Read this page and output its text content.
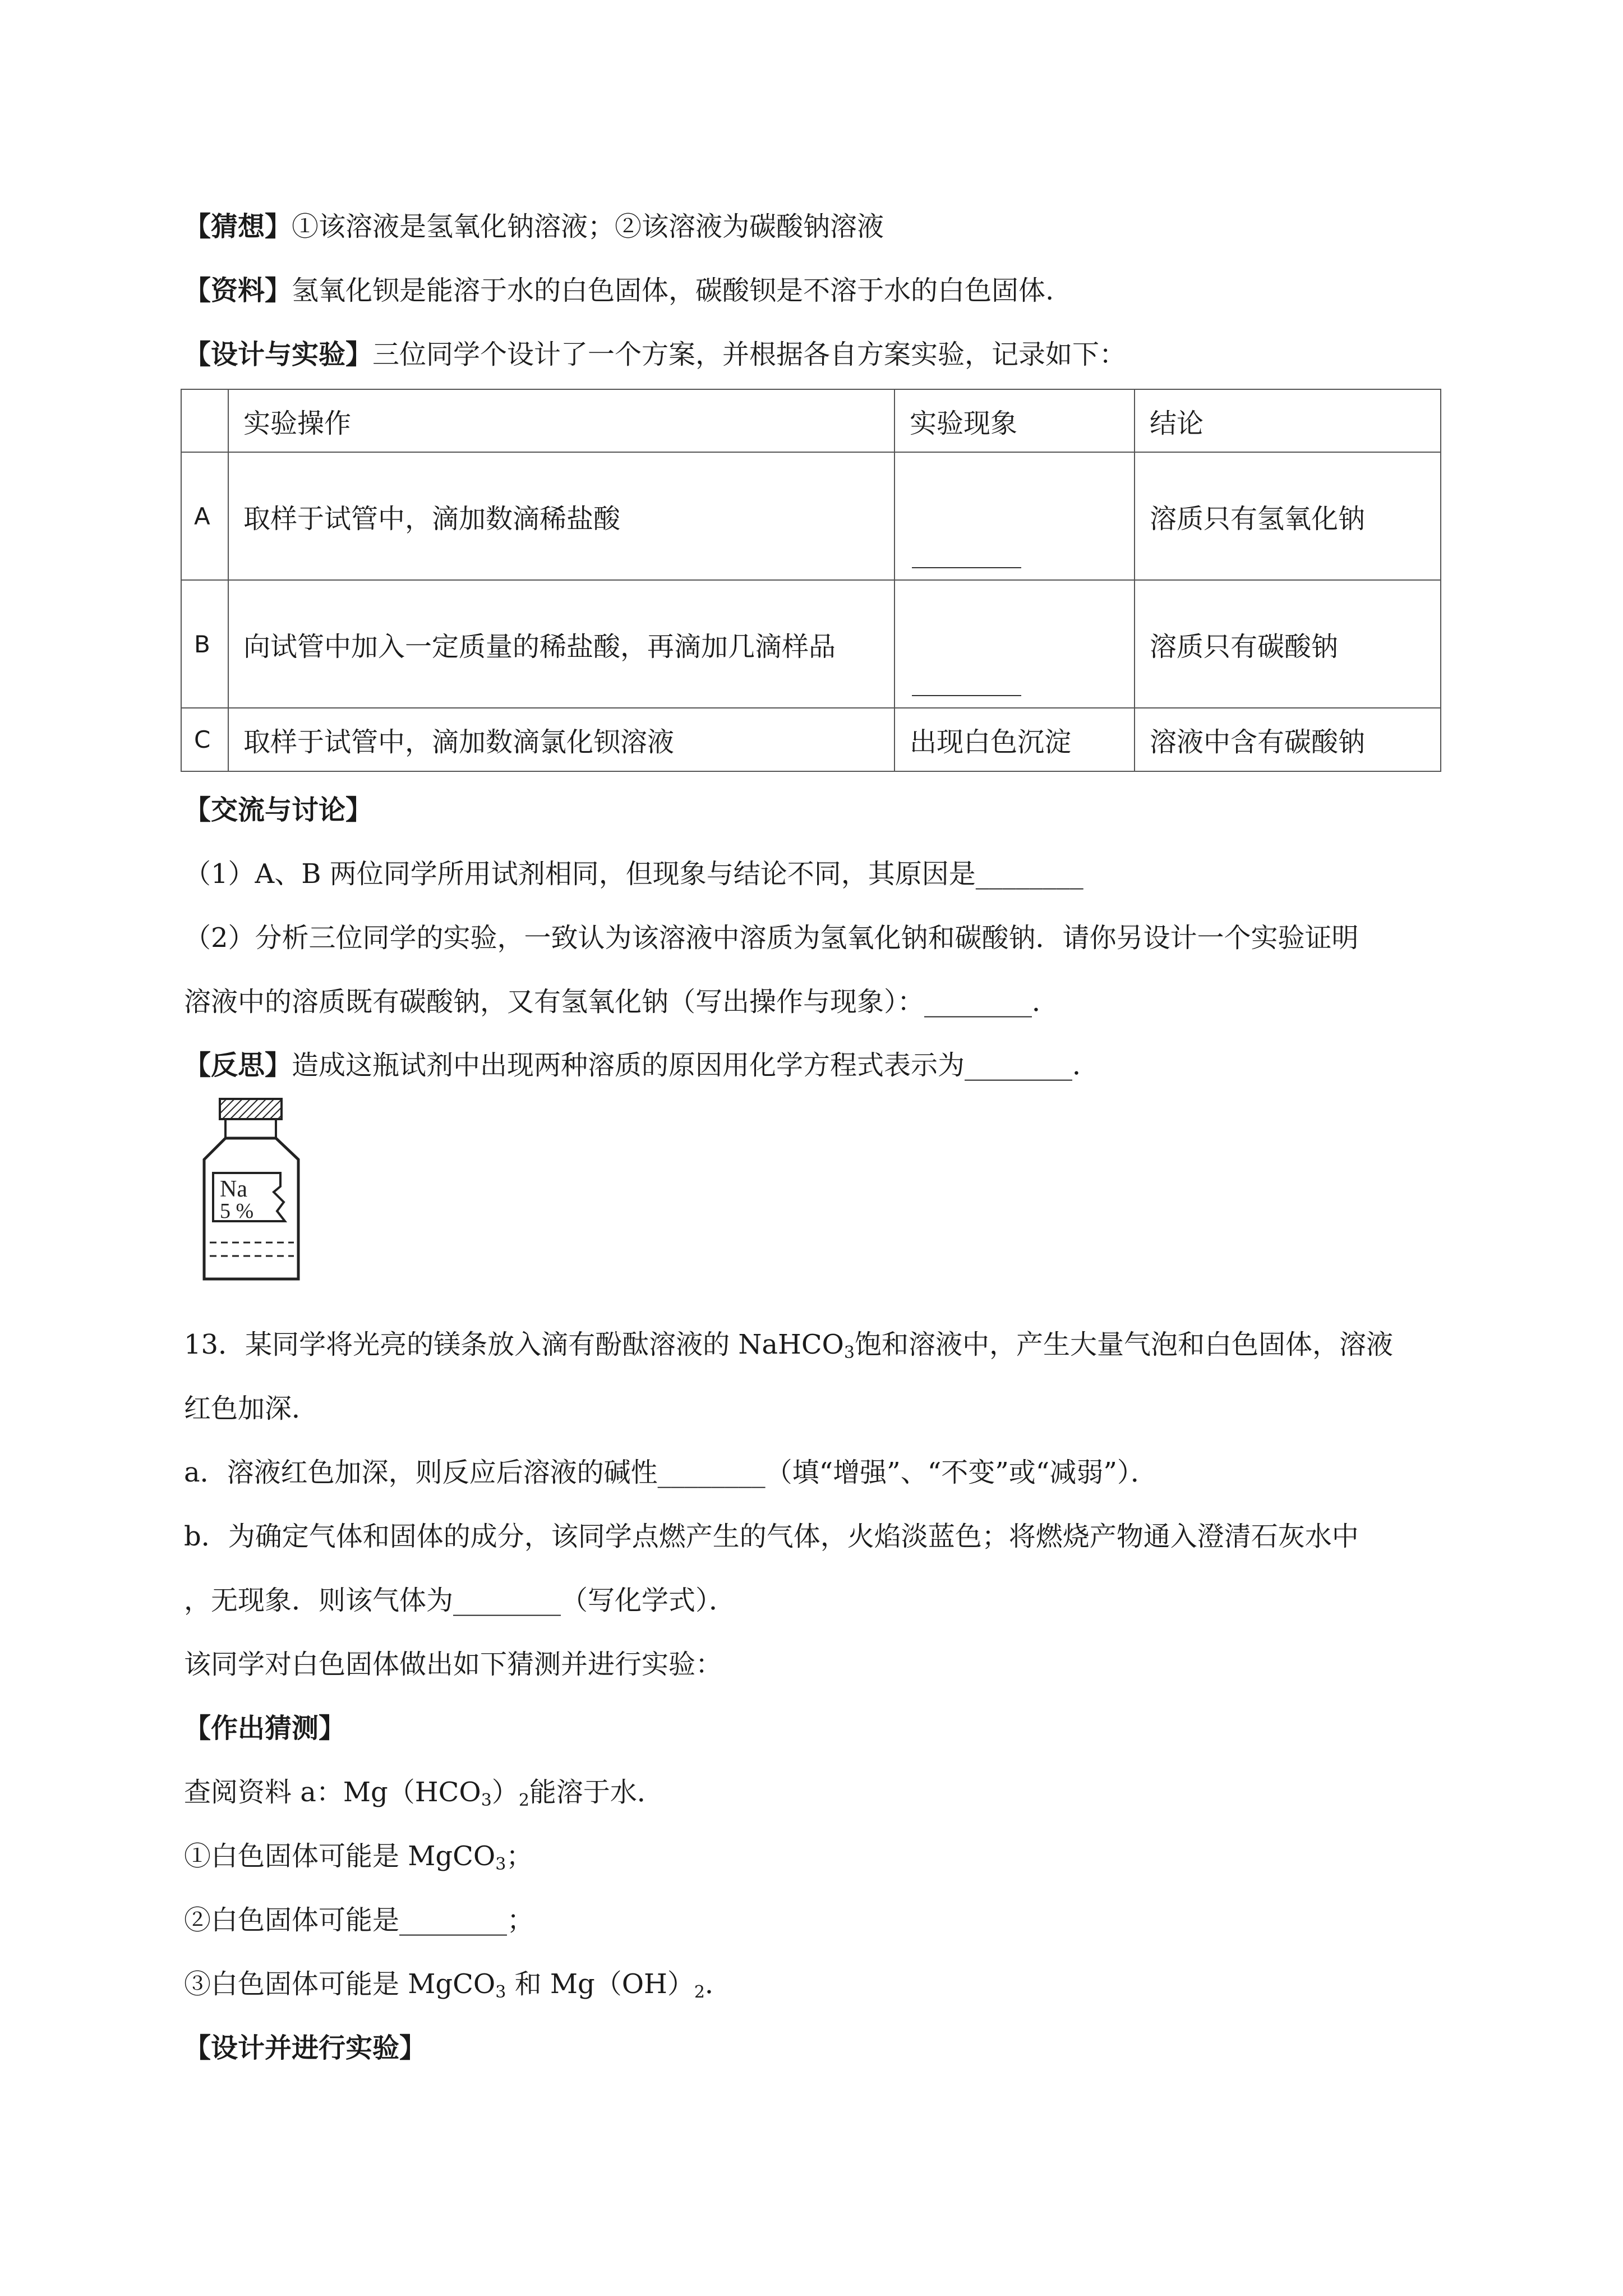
【猜想】①该溶液是氢氧化钠溶液；②该溶液为碳酸钠溶液
【资料】氢氧化钡是能溶于水的白色固体，碳酸钡是不溶于水的白色固体.
【设计与实验】三位同学个设计了一个方案，并根据各自方案实验，记录如下：
	实验操作	实验现象	结论
A	取样于试管中，滴加数滴稀盐酸		溶质只有氢氧化钠
B	向试管中加入一定质量的稀盐酸，再滴加几滴样品		溶质只有碳酸钠
C	取样于试管中，滴加数滴氯化钡溶液	出现白色沉淀	溶液中含有碳酸钠
【交流与讨论】
（1）A、B 两位同学所用试剂相同，但现象与结论不同，其原因是________
（2）分析三位同学的实验，一致认为该溶液中溶质为氢氧化钠和碳酸钠．请你另设计一个实验证明
溶液中的溶质既有碳酸钠，又有氢氧化钠（写出操作与现象）：________．
【反思】造成这瓶试剂中出现两种溶质的原因用化学方程式表示为________．
Na
5 %
13．某同学将光亮的镁条放入滴有酚酞溶液的 NaHCO$_3$饱和溶液中，产生大量气泡和白色固体，溶液
红色加深．
a．溶液红色加深，则反应后溶液的碱性________（填“增强”、“不变”或“减弱”）．
b．为确定气体和固体的成分，该同学点燃产生的气体，火焰淡蓝色；将燃烧产物通入澄清石灰水中
，无现象．则该气体为________（写化学式）．
该同学对白色固体做出如下猜测并进行实验：
【作出猜测】
查阅资料 a：$Mg(HCO_3)_2$能溶于水．
①白色固体可能是 MgCO$_3$；
②白色固体可能是________；
③白色固体可能是 MgCO$_3$ 和 $Mg(OH)_2$．
【设计并进行实验】
